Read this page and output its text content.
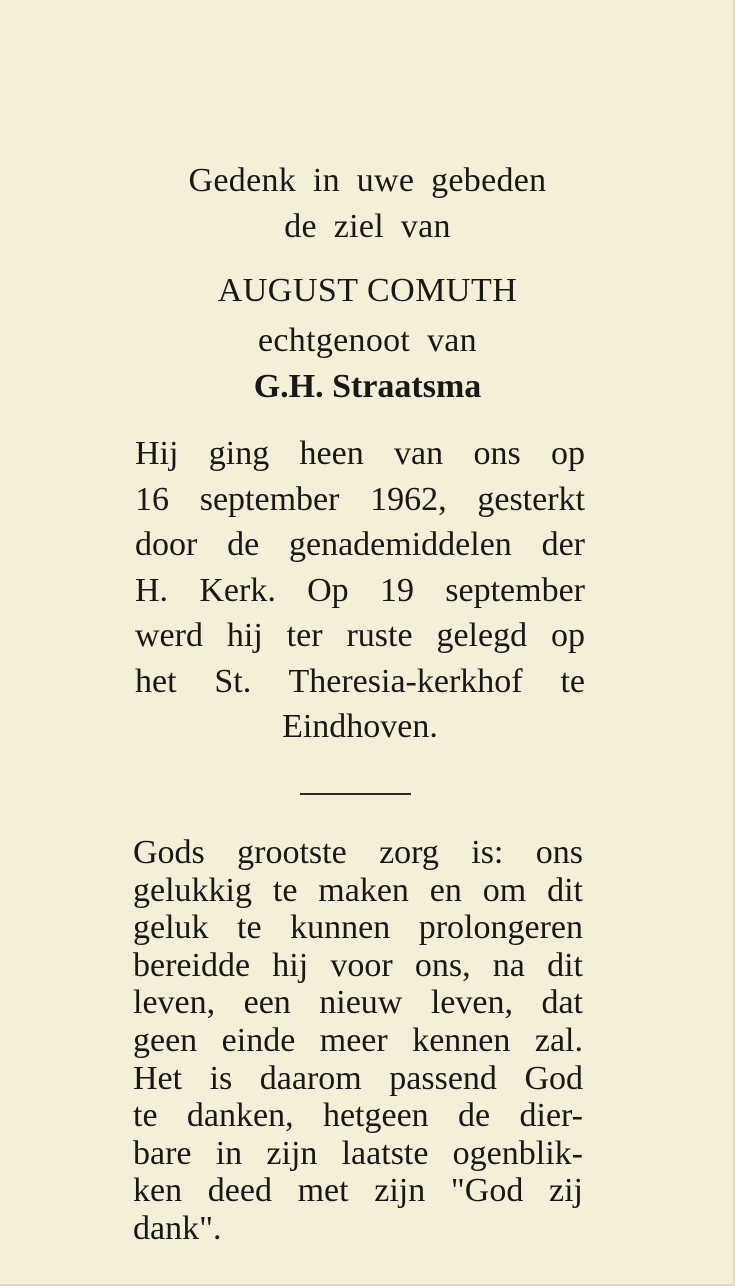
Gedenk in uwe gebeden
de ziel van
AUGUST COMUTH
echtgenoot van
G.H. Straatsma
Hij ging heen van ons op
16 september 1962, gesterkt
door de genademiddelen der
H. Kerk. Op 19 september
werd hij ter ruste gelegd op
het St. Theresia-kerkhof te
Eindhoven.
Gods grootste zorg is: ons
gelukkig te maken en om dit
geluk te kunnen prolongeren
bereidde hij voor ons, na dit
leven, een nieuw leven, dat
geen einde meer kennen zal.
Het is daarom passend God
te danken, hetgeen de dier-
bare in zijn laatste ogenblik-
ken deed met zijn "God zij
dank".
